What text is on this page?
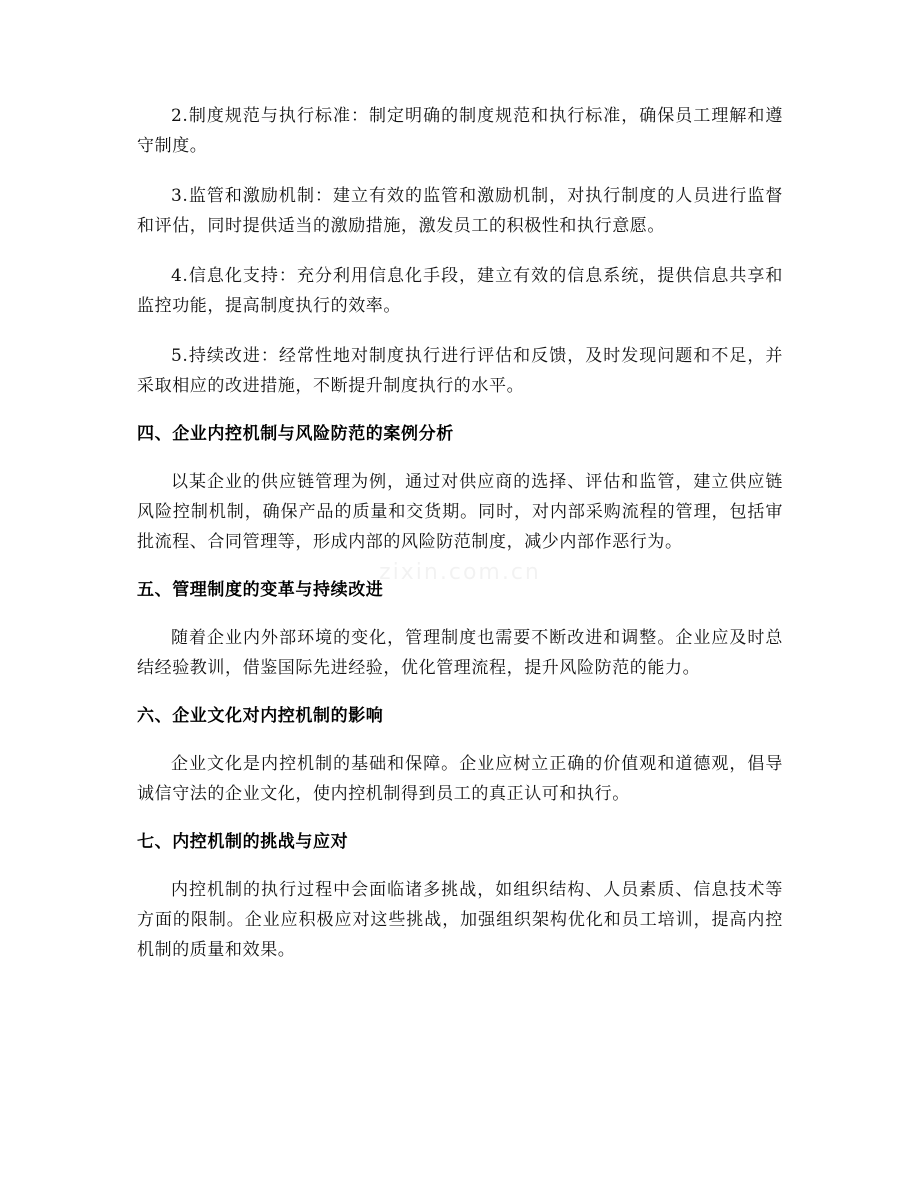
2.制度规范与执行标准：制定明确的制度规范和执行标准，确保员工理解和遵守制度。

3.监管和激励机制：建立有效的监管和激励机制，对执行制度的人员进行监督和评估，同时提供适当的激励措施，激发员工的积极性和执行意愿。

4.信息化支持：充分利用信息化手段，建立有效的信息系统，提供信息共享和监控功能，提高制度执行的效率。

5.持续改进：经常性地对制度执行进行评估和反馈，及时发现问题和不足，并采取相应的改进措施，不断提升制度执行的水平。

四、企业内控机制与风险防范的案例分析

以某企业的供应链管理为例，通过对供应商的选择、评估和监管，建立供应链风险控制机制，确保产品的质量和交货期。同时，对内部采购流程的管理，包括审批流程、合同管理等，形成内部的风险防范制度，减少内部作恶行为。

五、管理制度的变革与持续改进

随着企业内外部环境的变化，管理制度也需要不断改进和调整。企业应及时总结经验教训，借鉴国际先进经验，优化管理流程，提升风险防范的能力。

六、企业文化对内控机制的影响

企业文化是内控机制的基础和保障。企业应树立正确的价值观和道德观，倡导诚信守法的企业文化，使内控机制得到员工的真正认可和执行。

七、内控机制的挑战与应对

内控机制的执行过程中会面临诸多挑战，如组织结构、人员素质、信息技术等方面的限制。企业应积极应对这些挑战，加强组织架构优化和员工培训，提高内控机制的质量和效果。
